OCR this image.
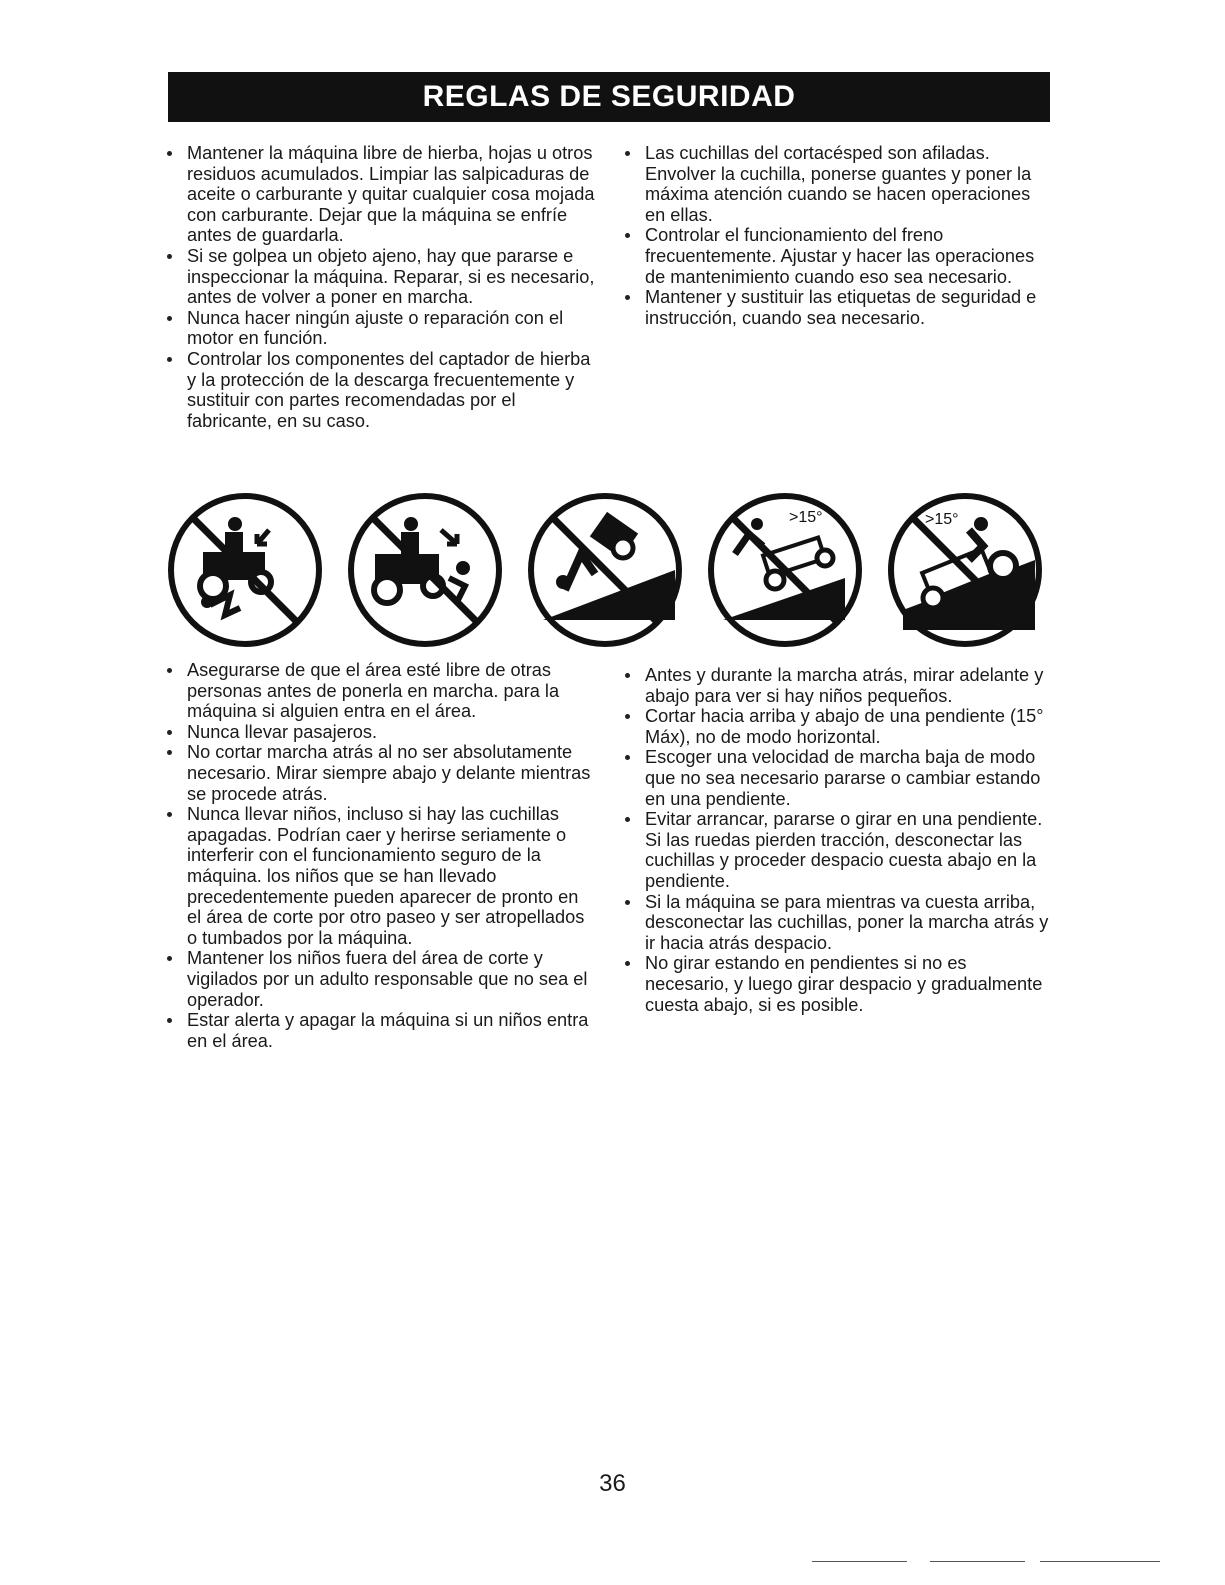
REGLAS DE SEGURIDAD
Mantener la máquina libre de hierba, hojas u otros residuos acumulados. Limpiar las salpicaduras de aceite o carburante y quitar cualquier cosa mojada con carburante. Dejar que la máquina se enfríe antes de guardarla.
Si se golpea un objeto ajeno, hay que pararse e inspeccionar la máquina. Reparar, si es necesario, antes de volver a poner en marcha.
Nunca hacer ningún ajuste o reparación con el motor en función.
Controlar los componentes del captador de hierba y la protección de la descarga frecuentemente y sustituir con partes recomendadas por el fabricante, en su caso.
Las cuchillas del cortacésped son afiladas. Envolver la cuchilla, ponerse guantes y poner la máxima atención cuando se hacen operaciones en ellas.
Controlar el funcionamiento del freno frecuentemente. Ajustar y hacer las operaciones de mantenimiento cuando eso sea necesario.
Mantener y sustituir las etiquetas de seguridad e instrucción, cuando sea necesario.
>15°	>15°
Asegurarse de que el área esté libre de otras personas antes de ponerla en marcha. para la máquina si alguien entra en el área.
Nunca llevar pasajeros.
No cortar marcha atrás al no ser absolutamente necesario. Mirar siempre abajo y delante mientras se procede atrás.
Nunca llevar niños, incluso si hay las cuchillas apagadas. Podrían caer y herirse seriamente o interferir con el funcionamiento seguro de la máquina. los niños que se han llevado precedentemente pueden aparecer de pronto en el área de corte por otro paseo y ser atropellados o tumbados por la máquina.
Mantener los niños fuera del área de corte y vigilados por un adulto responsable que no sea el operador.
Estar alerta y apagar la máquina si un niños entra en el área.
Antes y durante la marcha atrás, mirar adelante y abajo para ver si hay niños pequeños.
Cortar hacia arriba y abajo de una pendiente (15° Máx), no de modo horizontal.
Escoger una velocidad de marcha baja de modo que no sea necesario pararse o cambiar estando en una pendiente.
Evitar arrancar, pararse o girar en una pendiente. Si las ruedas pierden tracción, desconectar las cuchillas y proceder despacio cuesta abajo en la pendiente.
Si la máquina se para mientras va cuesta arriba, desconectar las cuchillas, poner la marcha atrás y ir hacia atrás despacio.
No girar estando en pendientes si no es necesario, y luego girar despacio y gradualmente cuesta abajo, si es posible.
36
